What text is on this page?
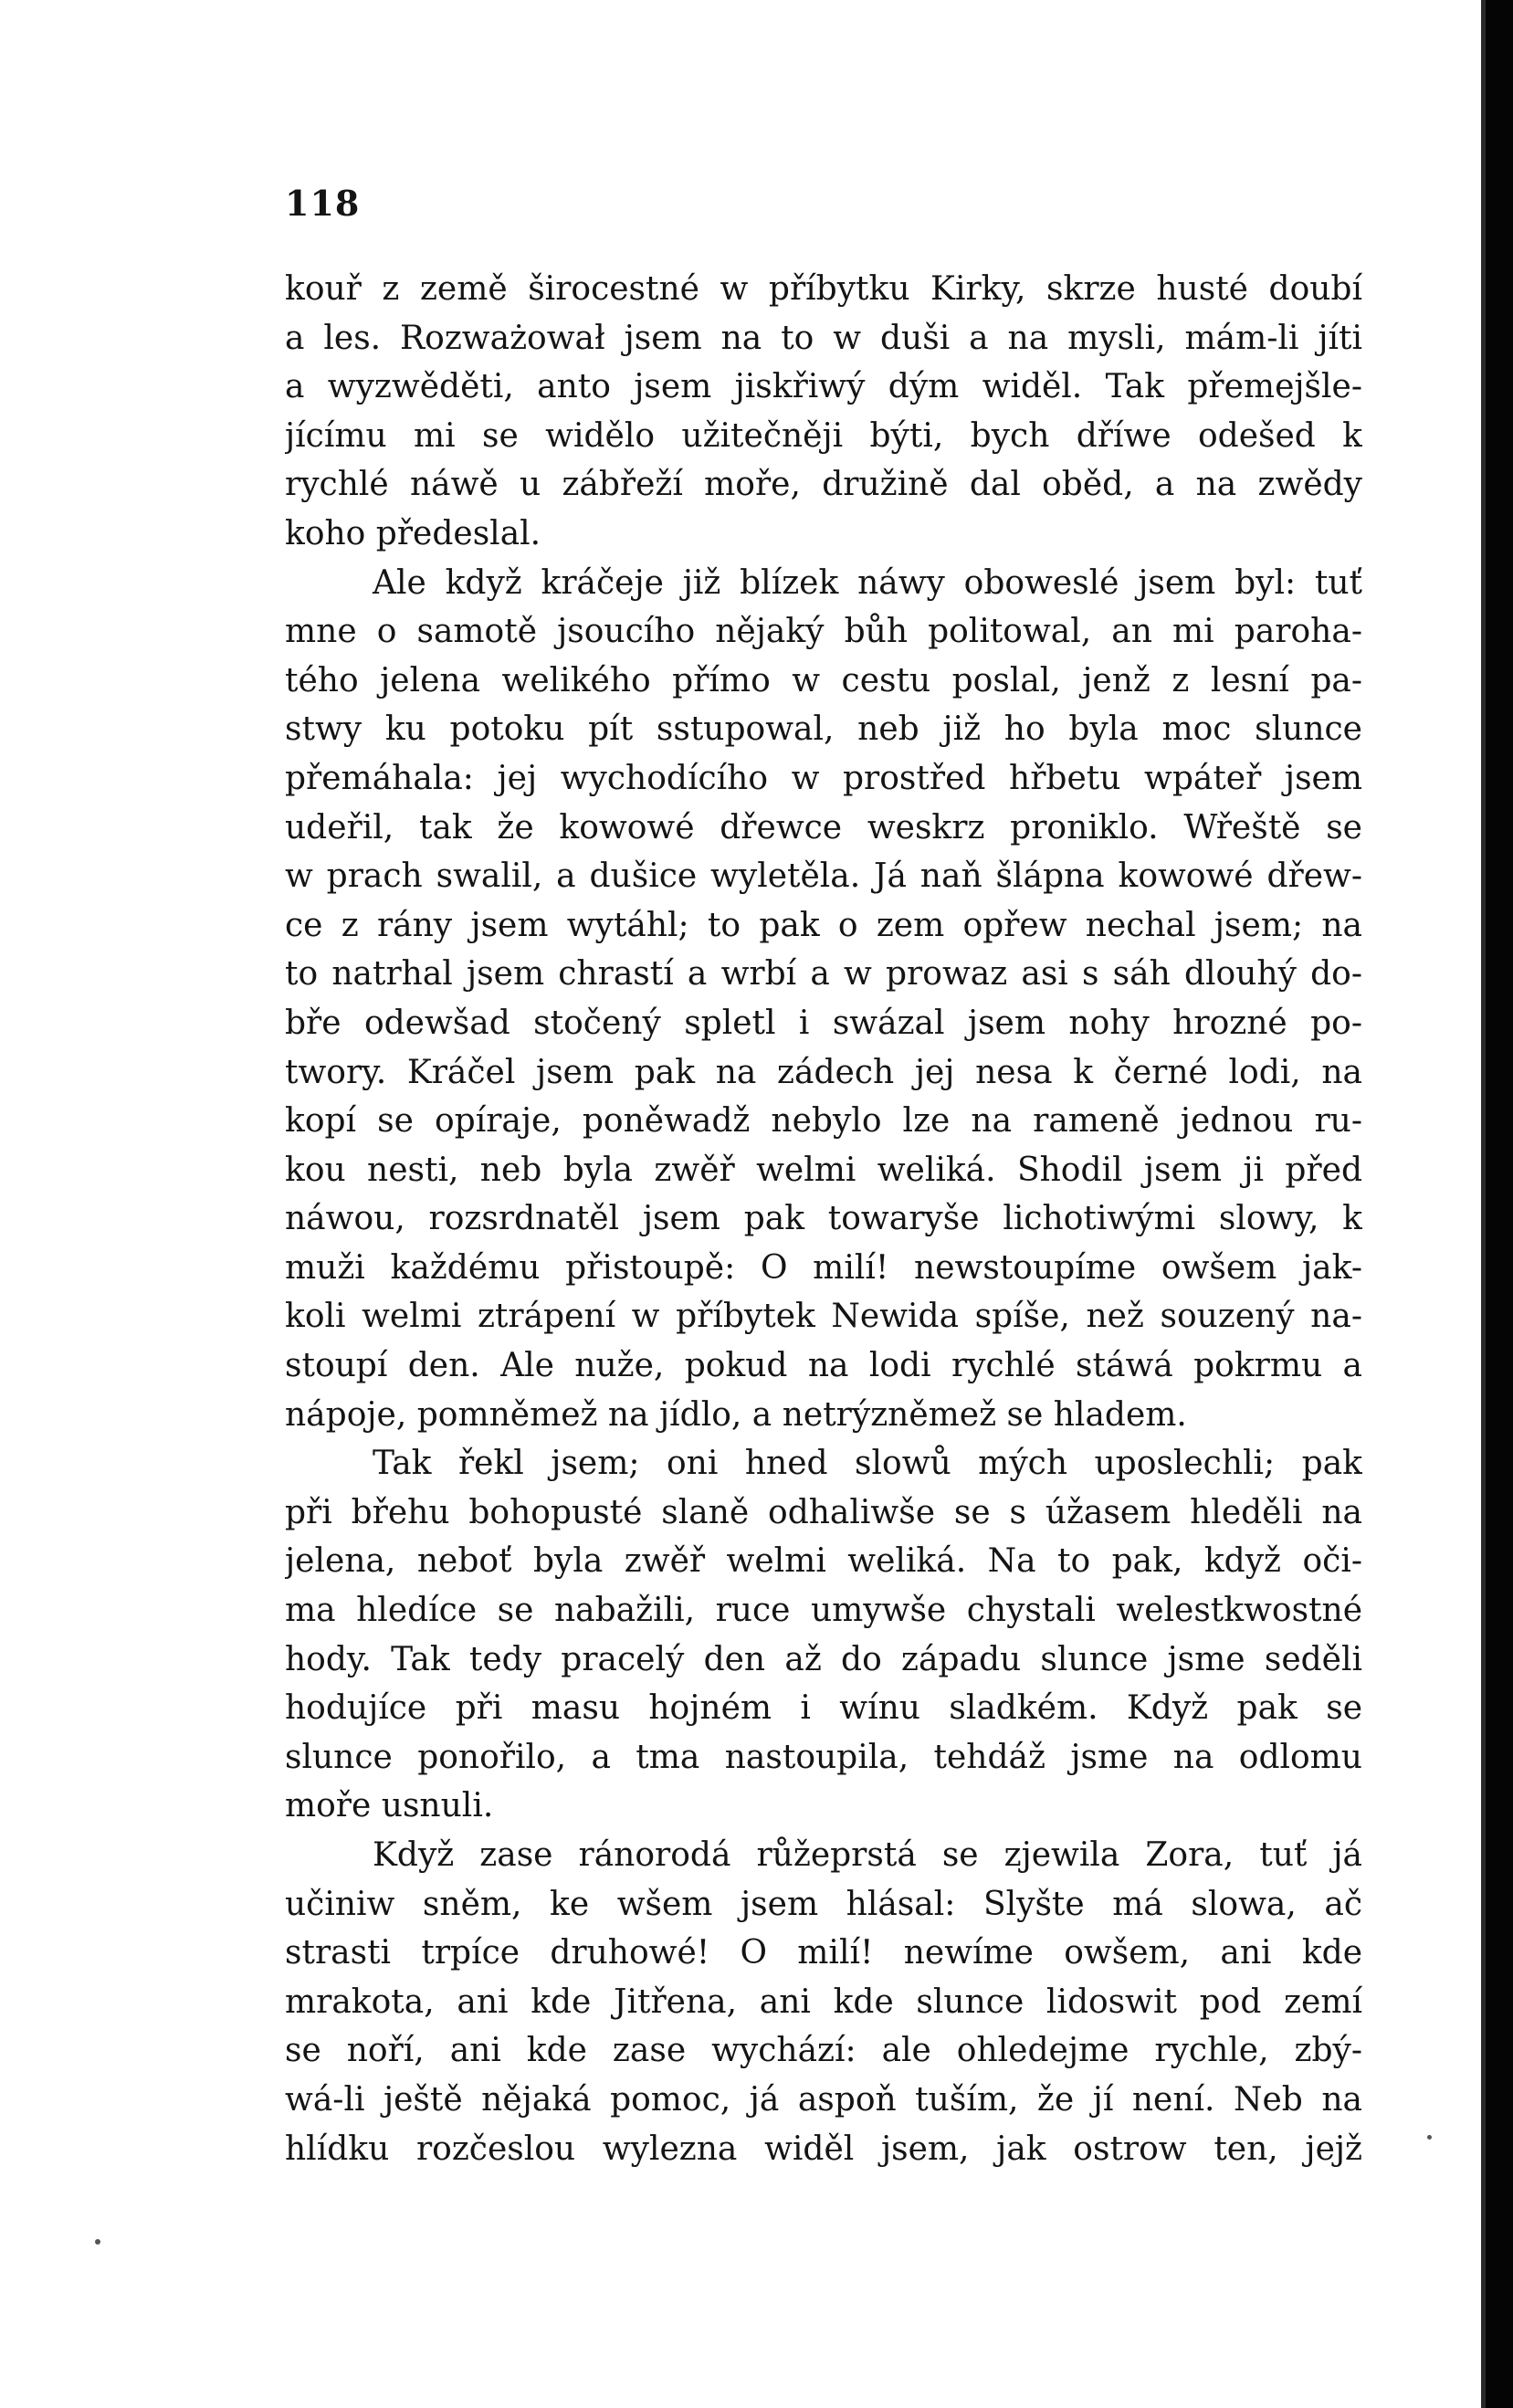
118
kouř z země širocestné w příbytku Kirky, skrze husté doubí
a les. Rozważował jsem na to w duši a na mysli, mám-li jíti
a wyzwěděti, anto jsem jiskřiwý dým widěl. Tak přemejšle-
jícímu mi se widělo užitečněji býti, bych dříwe odešed k
rychlé náwě u zábřeží moře, družině dal oběd, a na zwědy
koho předeslal.
Ale když kráčeje již blízek náwy oboweslé jsem byl: tuť
mne o samotě jsoucího nějaký bůh politowal, an mi paroha-
tého jelena welikého přímo w cestu poslal, jenž z lesní pa-
stwy ku potoku pít sstupowal, neb již ho byla moc slunce
přemáhala: jej wychodícího w prostřed hřbetu wpáteř jsem
udeřil, tak že kowowé dřewce weskrz proniklo. Wřeště se
w prach swalil, a dušice wyletěla. Já naň šlápna kowowé dřew-
ce z rány jsem wytáhl; to pak o zem opřew nechal jsem; na
to natrhal jsem chrastí a wrbí a w prowaz asi s sáh dlouhý do-
bře odewšad stočený spletl i swázal jsem nohy hrozné po-
twory. Kráčel jsem pak na zádech jej nesa k černé lodi, na
kopí se opíraje, poněwadž nebylo lze na rameně jednou ru-
kou nesti, neb byla zwěř welmi weliká. Shodil jsem ji před
náwou, rozsrdnatěl jsem pak towaryše lichotiwými slowy, k
muži každému přistoupě: O milí! newstoupíme owšem jak-
koli welmi ztrápení w příbytek Newida spíše, než souzený na-
stoupí den. Ale nuže, pokud na lodi rychlé stáwá pokrmu a
nápoje, pomněmež na jídlo, a netrýzněmež se hladem.
Tak řekl jsem; oni hned slowů mých uposlechli; pak
při břehu bohopusté slaně odhaliwše se s úžasem hleděli na
jelena, neboť byla zwěř welmi weliká. Na to pak, když oči-
ma hledíce se nabažili, ruce umywše chystali welestkwostné
hody. Tak tedy pracelý den až do západu slunce jsme seděli
hodujíce při masu hojném i wínu sladkém. Když pak se
slunce ponořilo, a tma nastoupila, tehdáž jsme na odlomu
moře usnuli.
Když zase ránorodá růžeprstá se zjewila Zora, tuť já
učiniw sněm, ke wšem jsem hlásal: Slyšte má slowa, ač
strasti trpíce druhowé! O milí! newíme owšem, ani kde
mrakota, ani kde Jitřena, ani kde slunce lidoswit pod zemí
se noří, ani kde zase wychází: ale ohledejme rychle, zbý-
wá-li ještě nějaká pomoc, já aspoň tuším, že jí není. Neb na
hlídku rozčeslou wylezna widěl jsem, jak ostrow ten, jejž
